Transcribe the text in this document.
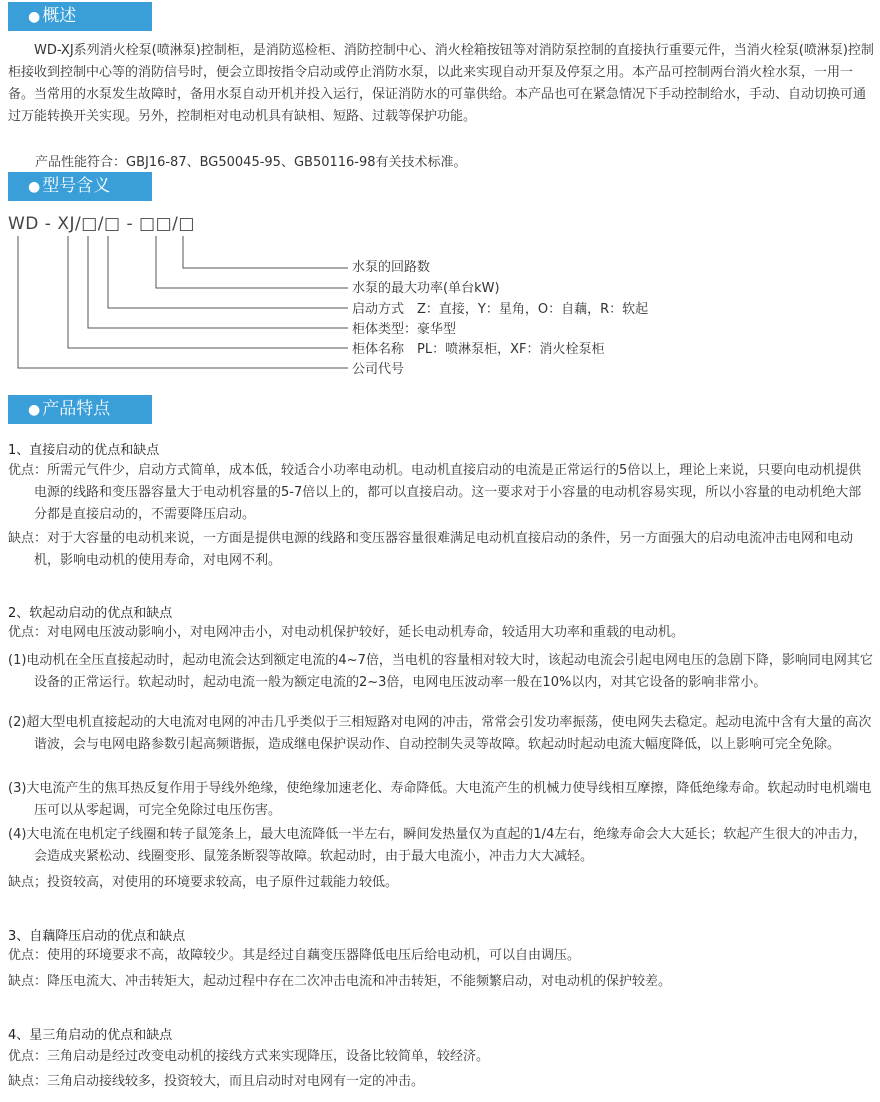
● 概述

WD-XJ系列消火栓泵(喷淋泵)控制柜，是消防巡检柜、消防控制中心、消火栓箱按钮等对消防泵控制的直接执行重要元件，当消火栓泵(喷淋泵)控制柜接收到控制中心等的消防信号时，便会立即按指令启动或停止消防水泵，以此来实现自动开泵及停泵之用。本产品可控制两台消火栓水泵，一用一备。当常用的水泵发生故障时，备用水泵自动开机并投入运行，保证消防水的可靠供给。本产品也可在紧急情况下手动控制给水，手动、自动切换可通过万能转换开关实现。另外，控制柜对电动机具有缺相、短路、过载等保护功能。

产品性能符合：GBJ16-87、BG50045-95、GB50116-98有关技术标准。

● 型号含义
WD - XJ/□/□ - □□/□
水泵的回路数
水泵的最大功率(单台kW)
启动方式　Z：直接，Y：星角，O：自藕，R：软起
柜体类型：豪华型
柜体名称　PL：喷淋泵柜，XF：消火栓泵柜
公司代号
● 产品特点
1、直接启动的优点和缺点

优点：所需元气件少，启动方式简单，成本低，较适合小功率电动机。电动机直接启动的电流是正常运行的5倍以上，理论上来说，只要向电动机提供电源的线路和变压器容量大于电动机容量的5-7倍以上的，都可以直接启动。这一要求对于小容量的电动机容易实现，所以小容量的电动机绝大部分都是直接启动的，不需要降压启动。

缺点：对于大容量的电动机来说，一方面是提供电源的线路和变压器容量很难满足电动机直接启动的条件，另一方面强大的启动电流冲击电网和电动机，影响电动机的使用寿命，对电网不利。

2、软起动启动的优点和缺点

优点：对电网电压波动影响小，对电网冲击小，对电动机保护较好，延长电动机寿命，较适用大功率和重载的电动机。

(1)电动机在全压直接起动时，起动电流会达到额定电流的4~7倍，当电机的容量相对较大时，该起动电流会引起电网电压的急剧下降，影响同电网其它设备的正常运行。软起动时，起动电流一般为额定电流的2~3倍，电网电压波动率一般在10%以内，对其它设备的影响非常小。

(2)超大型电机直接起动的大电流对电网的冲击几乎类似于三相短路对电网的冲击，常常会引发功率振荡，使电网失去稳定。起动电流中含有大量的高次谐波，会与电网电路参数引起高频谐振，造成继电保护误动作、自动控制失灵等故障。软起动时起动电流大幅度降低，以上影响可完全免除。

(3)大电流产生的焦耳热反复作用于导线外绝缘，使绝缘加速老化、寿命降低。大电流产生的机械力使导线相互摩擦，降低绝缘寿命。软起动时电机端电压可以从零起调，可完全免除过电压伤害。

(4)大电流在电机定子线圈和转子鼠笼条上，最大电流降低一半左右，瞬间发热量仅为直起的1/4左右，绝缘寿命会大大延长；软起产生很大的冲击力，会造成夹紧松动、线圈变形、鼠笼条断裂等故障。软起动时，由于最大电流小，冲击力大大减轻。

缺点；投资较高，对使用的环境要求较高，电子原件过载能力较低。

3、自藕降压启动的优点和缺点

优点：使用的环境要求不高，故障较少。其是经过自藕变压器降低电压后给电动机，可以自由调压。

缺点：降压电流大、冲击转矩大，起动过程中存在二次冲击电流和冲击转矩，不能频繁启动，对电动机的保护较差。

4、星三角启动的优点和缺点

优点：三角启动是经过改变电动机的接线方式来实现降压，设备比较简单，较经济。

缺点：三角启动接线较多，投资较大，而且启动时对电网有一定的冲击。
